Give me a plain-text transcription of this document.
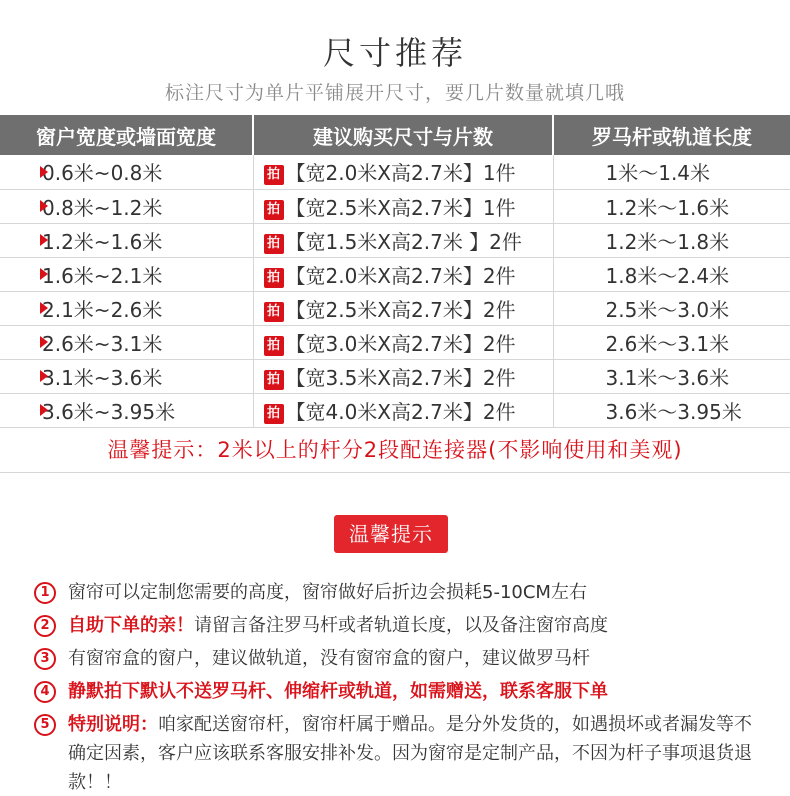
尺寸推荐
标注尺寸为单片平铺展开尺寸，要几片数量就填几哦
窗户宽度或墙面宽度	建议购买尺寸与片数	罗马杆或轨道长度

0.6米~0.8米	拍 【宽2.0米X高2.7米】1件	1米～1.4米

0.8米~1.2米	拍 【宽2.5米X高2.7米】1件	1.2米～1.6米

1.2米~1.6米	拍 【宽1.5米X高2.7米 】2件	1.2米～1.8米

1.6米~2.1米	拍 【宽2.0米X高2.7米】2件	1.8米～2.4米

2.1米~2.6米	拍 【宽2.5米X高2.7米】2件	2.5米～3.0米

2.6米~3.1米	拍 【宽3.0米X高2.7米】2件	2.6米～3.1米

3.1米~3.6米	拍 【宽3.5米X高2.7米】2件	3.1米～3.6米

3.6米~3.95米	拍 【宽4.0米X高2.7米】2件	3.6米～3.95米
温馨提示：2米以上的杆分2段配连接器(不影响使用和美观)
温馨提示
1	窗帘可以定制您需要的高度，窗帘做好后折边会损耗5-10CM左右
2	自助下单的亲！请留言备注罗马杆或者轨道长度，以及备注窗帘高度
3	有窗帘盒的窗户，建议做轨道，没有窗帘盒的窗户，建议做罗马杆
4	静默拍下默认不送罗马杆、伸缩杆或轨道，如需赠送，联系客服下单
5	特别说明：咱家配送窗帘杆，窗帘杆属于赠品。是分外发货的，如遇损坏或者漏发等不确定因素，客户应该联系客服安排补发。因为窗帘是定制产品，不因为杆子事项退货退款！！
